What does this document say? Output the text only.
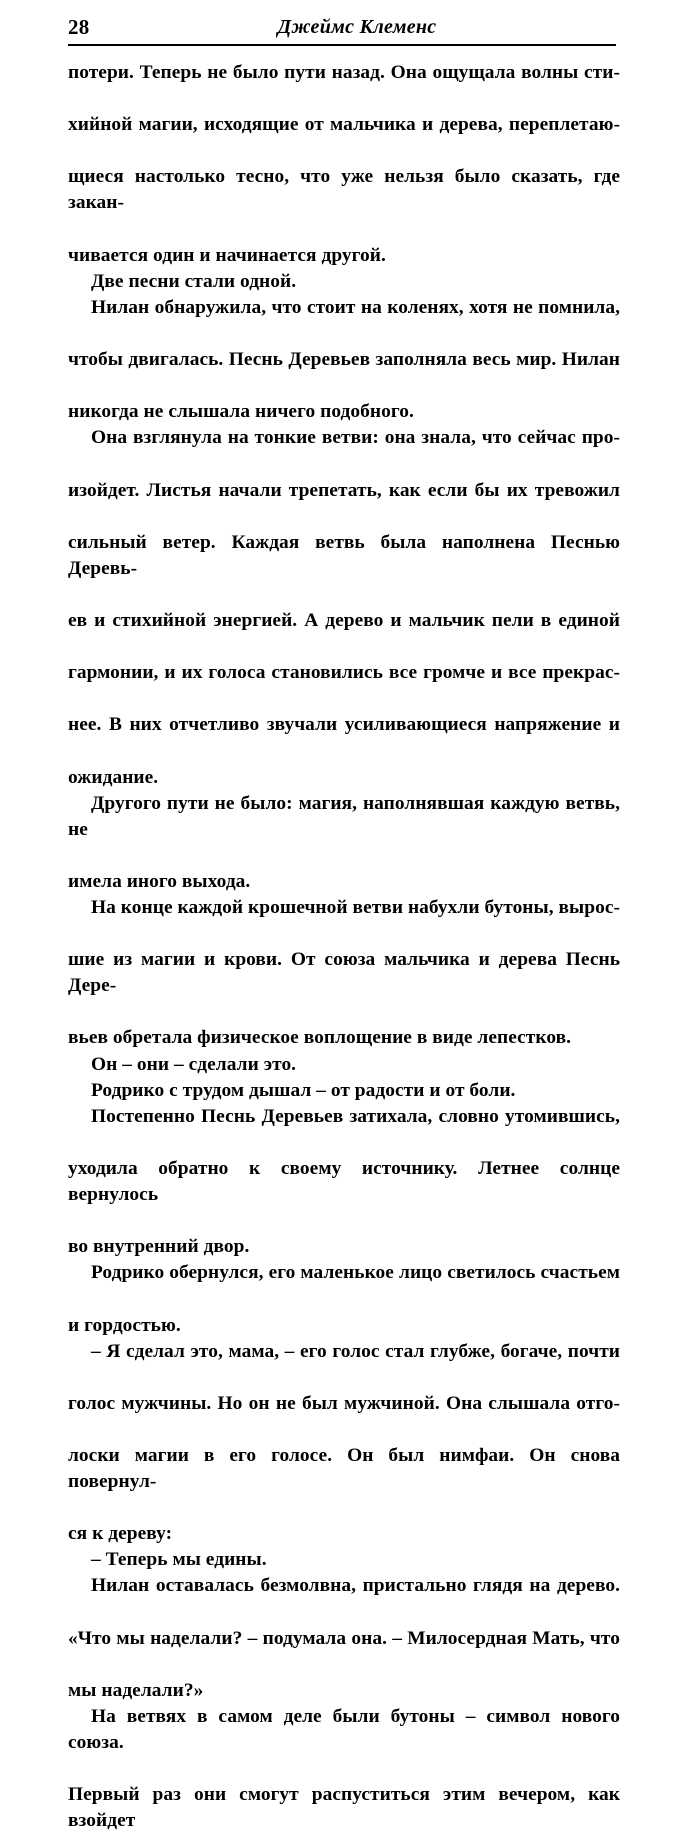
28	Джеймс Клеменс

потери. Теперь не было пути назад. Она ощущала волны сти-
хийной магии, исходящие от мальчика и дерева, переплетаю-
щиеся настолько тесно, что уже нельзя было сказать, где закан-
чивается один и начинается другой.

Две песни стали одной.

Нилан обнаружила, что стоит на коленях, хотя не помнила,
чтобы двигалась. Песнь Деревьев заполняла весь мир. Нилан
никогда не слышала ничего подобного.

Она взглянула на тонкие ветви: она знала, что сейчас про-
изойдет. Листья начали трепетать, как если бы их тревожил
сильный ветер. Каждая ветвь была наполнена Песнью Деревь-
ев и стихийной энергией. А дерево и мальчик пели в единой
гармонии, и их голоса становились все громче и все прекрас-
нее. В них отчетливо звучали усиливающиеся напряжение и
ожидание.

Другого пути не было: магия, наполнявшая каждую ветвь, не
имела иного выхода.

На конце каждой крошечной ветви набухли бутоны, вырос-
шие из магии и крови. От союза мальчика и дерева Песнь Дере-
вьев обретала физическое воплощение в виде лепестков.

Он – они – сделали это.

Родрико с трудом дышал – от радости и от боли.

Постепенно Песнь Деревьев затихала, словно утомившись,
уходила обратно к своему источнику. Летнее солнце вернулось
во внутренний двор.

Родрико обернулся, его маленькое лицо светилось счастьем
и гордостью.

– Я сделал это, мама, – его голос стал глубже, богаче, почти
голос мужчины. Но он не был мужчиной. Она слышала отго-
лоски магии в его голосе. Он был нимфаи. Он снова повернул-
ся к дереву:

– Теперь мы едины.

Нилан оставалась безмолвна, пристально глядя на дерево.
«Что мы наделали? – подумала она. – Милосердная Мать, что
мы наделали?»

На ветвях в самом деле были бутоны – символ нового союза.
Первый раз они смогут распуститься этим вечером, как взойдет
